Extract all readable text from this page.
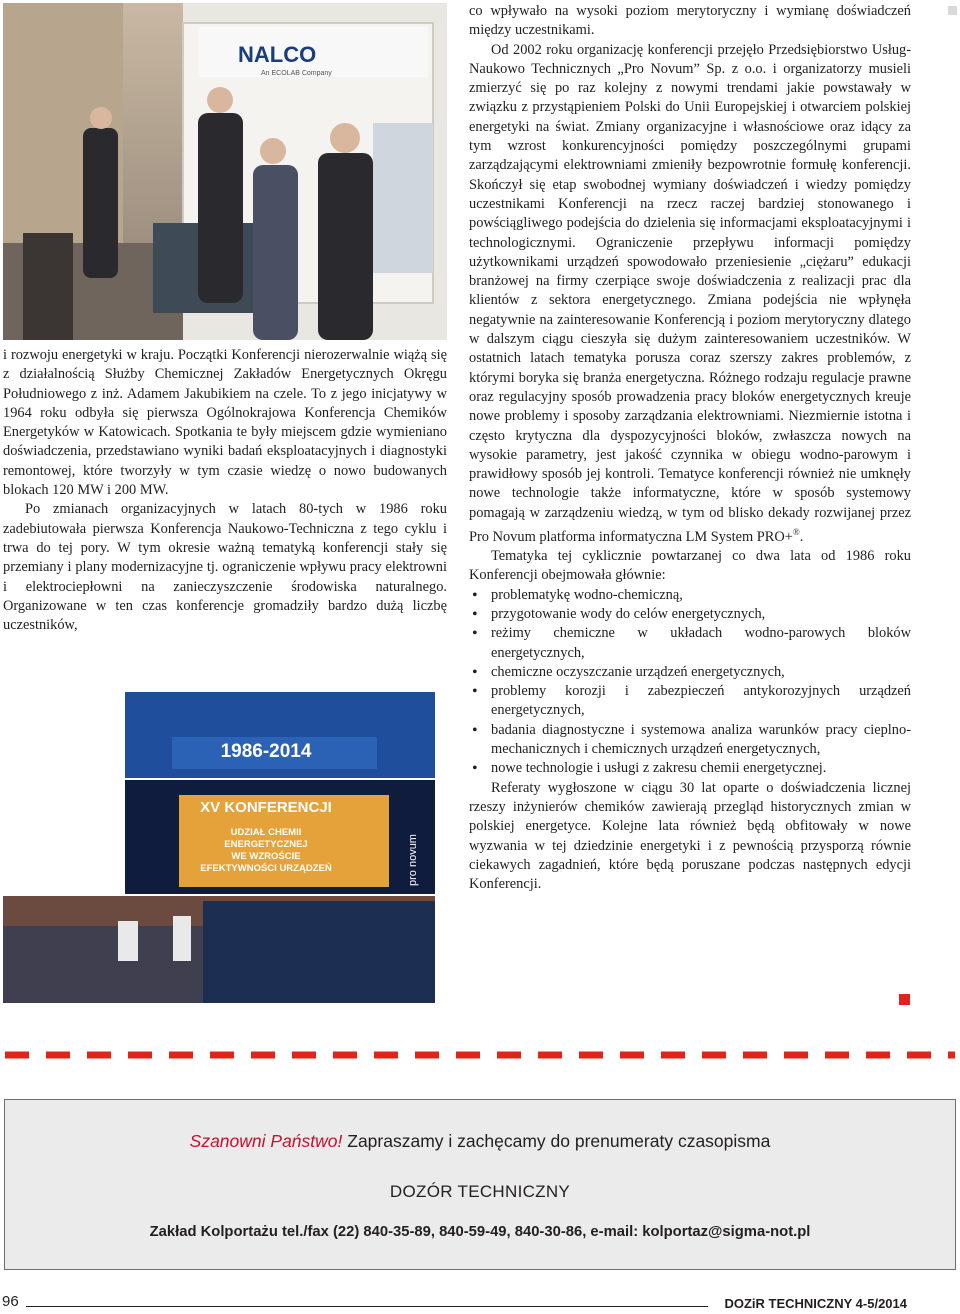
NALCO
An ECOLAB Company
1986-2014
XV KONFERENCJI
UDZIAŁ CHEMII
ENERGETYCZNEJ
WE WZROŚCIE
EFEKTYWNOŚCI URZĄDZEŃ	pro novum

i rozwoju energetyki w kraju. Początki Konferencji nierozerwalnie wiążą się z działalnością Służby Chemicznej Zakładów Energetycznych Okręgu Południowego z inż. Adamem Jakubikiem na czele. To z jego inicjatywy w 1964 roku odbyła się pierwsza Ogólnokrajowa Konferencja Chemików Energetyków w Katowicach. Spotkania te były miejscem gdzie wymieniano doświadczenia, przedstawiano wyniki badań eksploatacyjnych i diagnostyki remontowej, które tworzyły w tym czasie wiedzę o nowo budowanych blokach 120 MW i 200 MW.

Po zmianach organizacyjnych w latach 80-tych w 1986 roku zadebiutowała pierwsza Konferencja Naukowo-Techniczna z tego cyklu i trwa do tej pory. W tym okresie ważną tematyką konferencji stały się przemiany i plany modernizacyjne tj. ograniczenie wpływu pracy elektrowni i elektrociepłowni na zanieczyszczenie środowiska naturalnego. Organizowane w ten czas konferencje gromadziły bardzo dużą liczbę uczestników,

co wpływało na wysoki poziom merytoryczny i wymianę doświadczeń między uczestnikami.

Od 2002 roku organizację konferencji przejęło Przedsiębiorstwo Usług-Naukowo Technicznych „Pro Novum” Sp. z o.o. i organizatorzy musieli zmierzyć się po raz kolejny z nowymi trendami jakie powstawały w związku z przystąpieniem Polski do Unii Europejskiej i otwarciem polskiej energetyki na świat. Zmiany organizacyjne i własnościowe oraz idący za tym wzrost konkurencyjności pomiędzy poszczególnymi grupami zarządzającymi elektrowniami zmieniły bezpowrotnie formułę konferencji. Skończył się etap swobodnej wymiany doświadczeń i wiedzy pomiędzy uczestnikami Konferencji na rzecz raczej bardziej stonowanego i powściągliwego podejścia do dzielenia się informacjami eksploatacyjnymi i technologicznymi. Ograniczenie przepływu informacji pomiędzy użytkownikami urządzeń spowodowało przeniesienie „ciężaru” edukacji branżowej na firmy czerpiące swoje doświadczenia z realizacji prac dla klientów z sektora energetycznego. Zmiana podejścia nie wpłynęła negatywnie na zainteresowanie Konferencją i poziom merytoryczny dlatego w dalszym ciągu cieszyła się dużym zainteresowaniem uczestników. W ostatnich latach tematyka porusza coraz szerszy zakres problemów, z którymi boryka się branża energetyczna. Różnego rodzaju regulacje prawne oraz regulacyjny sposób prowadzenia pracy bloków energetycznych kreuje nowe problemy i sposoby zarządzania elektrowniami. Niezmiernie istotna i często krytyczna dla dyspozycyjności bloków, zwłaszcza nowych na wysokie parametry, jest jakość czynnika w obiegu wodno-parowym i prawidłowy sposób jej kontroli. Tematyce konferencji również nie umknęły nowe technologie także informatyczne, które w sposób systemowy pomagają w zarządzeniu wiedzą, w tym od blisko dekady rozwijanej przez Pro Novum platforma informatyczna LM System PRO+®.

Tematyka tej cyklicznie powtarzanej co dwa lata od 1986 roku Konferencji obejmowała głównie:

• problematykę wodno-chemiczną,
• przygotowanie wody do celów energetycznych,
• reżimy chemiczne w układach wodno-parowych bloków energetycznych,
• chemiczne oczyszczanie urządzeń energetycznych,
• problemy korozji i zabezpieczeń antykorozyjnych urządzeń energetycznych,
• badania diagnostyczne i systemowa analiza warunków pracy cieplno-mechanicznych i chemicznych urządzeń energetycznych,
• nowe technologie i usługi z zakresu chemii energetycznej.

Referaty wygłoszone w ciągu 30 lat oparte o doświadczenia licznej rzeszy inżynierów chemików zawierają przegląd historycznych zmian w polskiej energetyce. Kolejne lata również będą obfitowały w nowe wyzwania w tej dziedzinie energetyki i z pewnością przysporzą równie ciekawych zagadnień, które będą poruszane podczas następnych edycji Konferencji.

Szanowni Państwo! Zapraszamy i zachęcamy do prenumeraty czasopisma
DOZÓR TECHNICZNY
Zakład Kolportażu tel./fax (22) 840-35-89, 840-59-49, 840-30-86, e-mail: kolportaz@sigma-not.pl
96	DOZiR TECHNICZNY 4-5/2014
